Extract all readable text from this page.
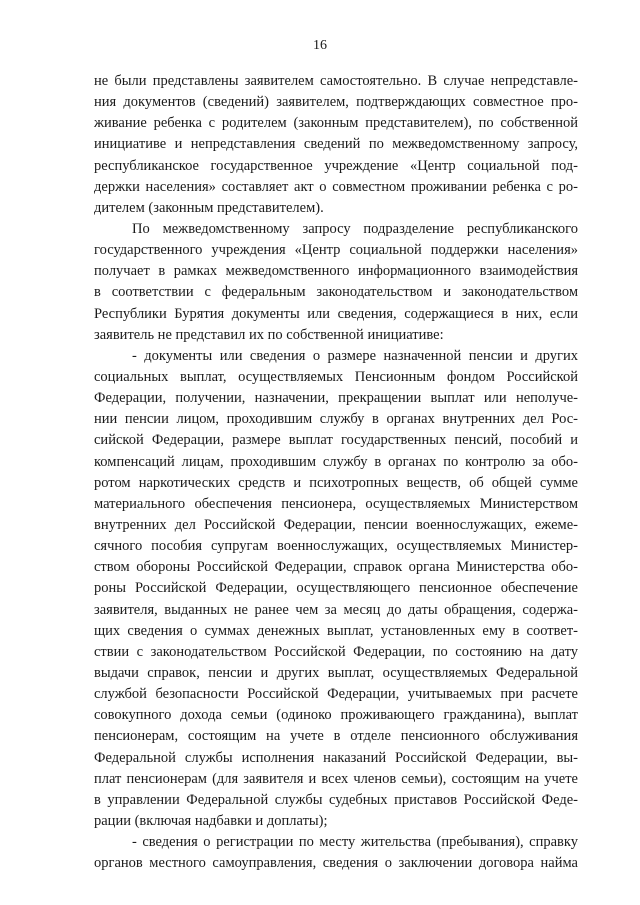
16
не были представлены заявителем самостоятельно. В случае непредставле-
ния документов (сведений) заявителем, подтверждающих совместное про-
живание ребенка с родителем (законным представителем), по собственной
инициативе и непредставления сведений по межведомственному запросу,
республиканское государственное учреждение «Центр социальной под-
держки населения» составляет акт о совместном проживании ребенка с ро-
дителем (законным представителем).
По межведомственному запросу подразделение республиканского
государственного учреждения «Центр социальной поддержки населения»
получает в рамках межведомственного информационного взаимодействия
в соответствии с федеральным законодательством и законодательством
Республики Бурятия документы или сведения, содержащиеся в них, если
заявитель не представил их по собственной инициативе:
- документы или сведения о размере назначенной пенсии и других
социальных выплат, осуществляемых Пенсионным фондом Российской
Федерации, получении, назначении, прекращении выплат или неполуче-
нии пенсии лицом, проходившим службу в органах внутренних дел Рос-
сийской Федерации, размере выплат государственных пенсий, пособий и
компенсаций лицам, проходившим службу в органах по контролю за обо-
ротом наркотических средств и психотропных веществ, об общей сумме
материального обеспечения пенсионера, осуществляемых Министерством
внутренних дел Российской Федерации, пенсии военнослужащих, ежеме-
сячного пособия супругам военнослужащих, осуществляемых Министер-
ством обороны Российской Федерации, справок органа Министерства обо-
роны Российской Федерации, осуществляющего пенсионное обеспечение
заявителя, выданных не ранее чем за месяц до даты обращения, содержа-
щих сведения о суммах денежных выплат, установленных ему в соответ-
ствии с законодательством Российской Федерации, по состоянию на дату
выдачи справок, пенсии и других выплат, осуществляемых Федеральной
службой безопасности Российской Федерации, учитываемых при расчете
совокупного дохода семьи (одиноко проживающего гражданина), выплат
пенсионерам, состоящим на учете в отделе пенсионного обслуживания
Федеральной службы исполнения наказаний Российской Федерации, вы-
плат пенсионерам (для заявителя и всех членов семьи), состоящим на учете
в управлении Федеральной службы судебных приставов Российской Феде-
рации (включая надбавки и доплаты);
- сведения о регистрации по месту жительства (пребывания), справку
органов местного самоуправления, сведения о заключении договора найма
